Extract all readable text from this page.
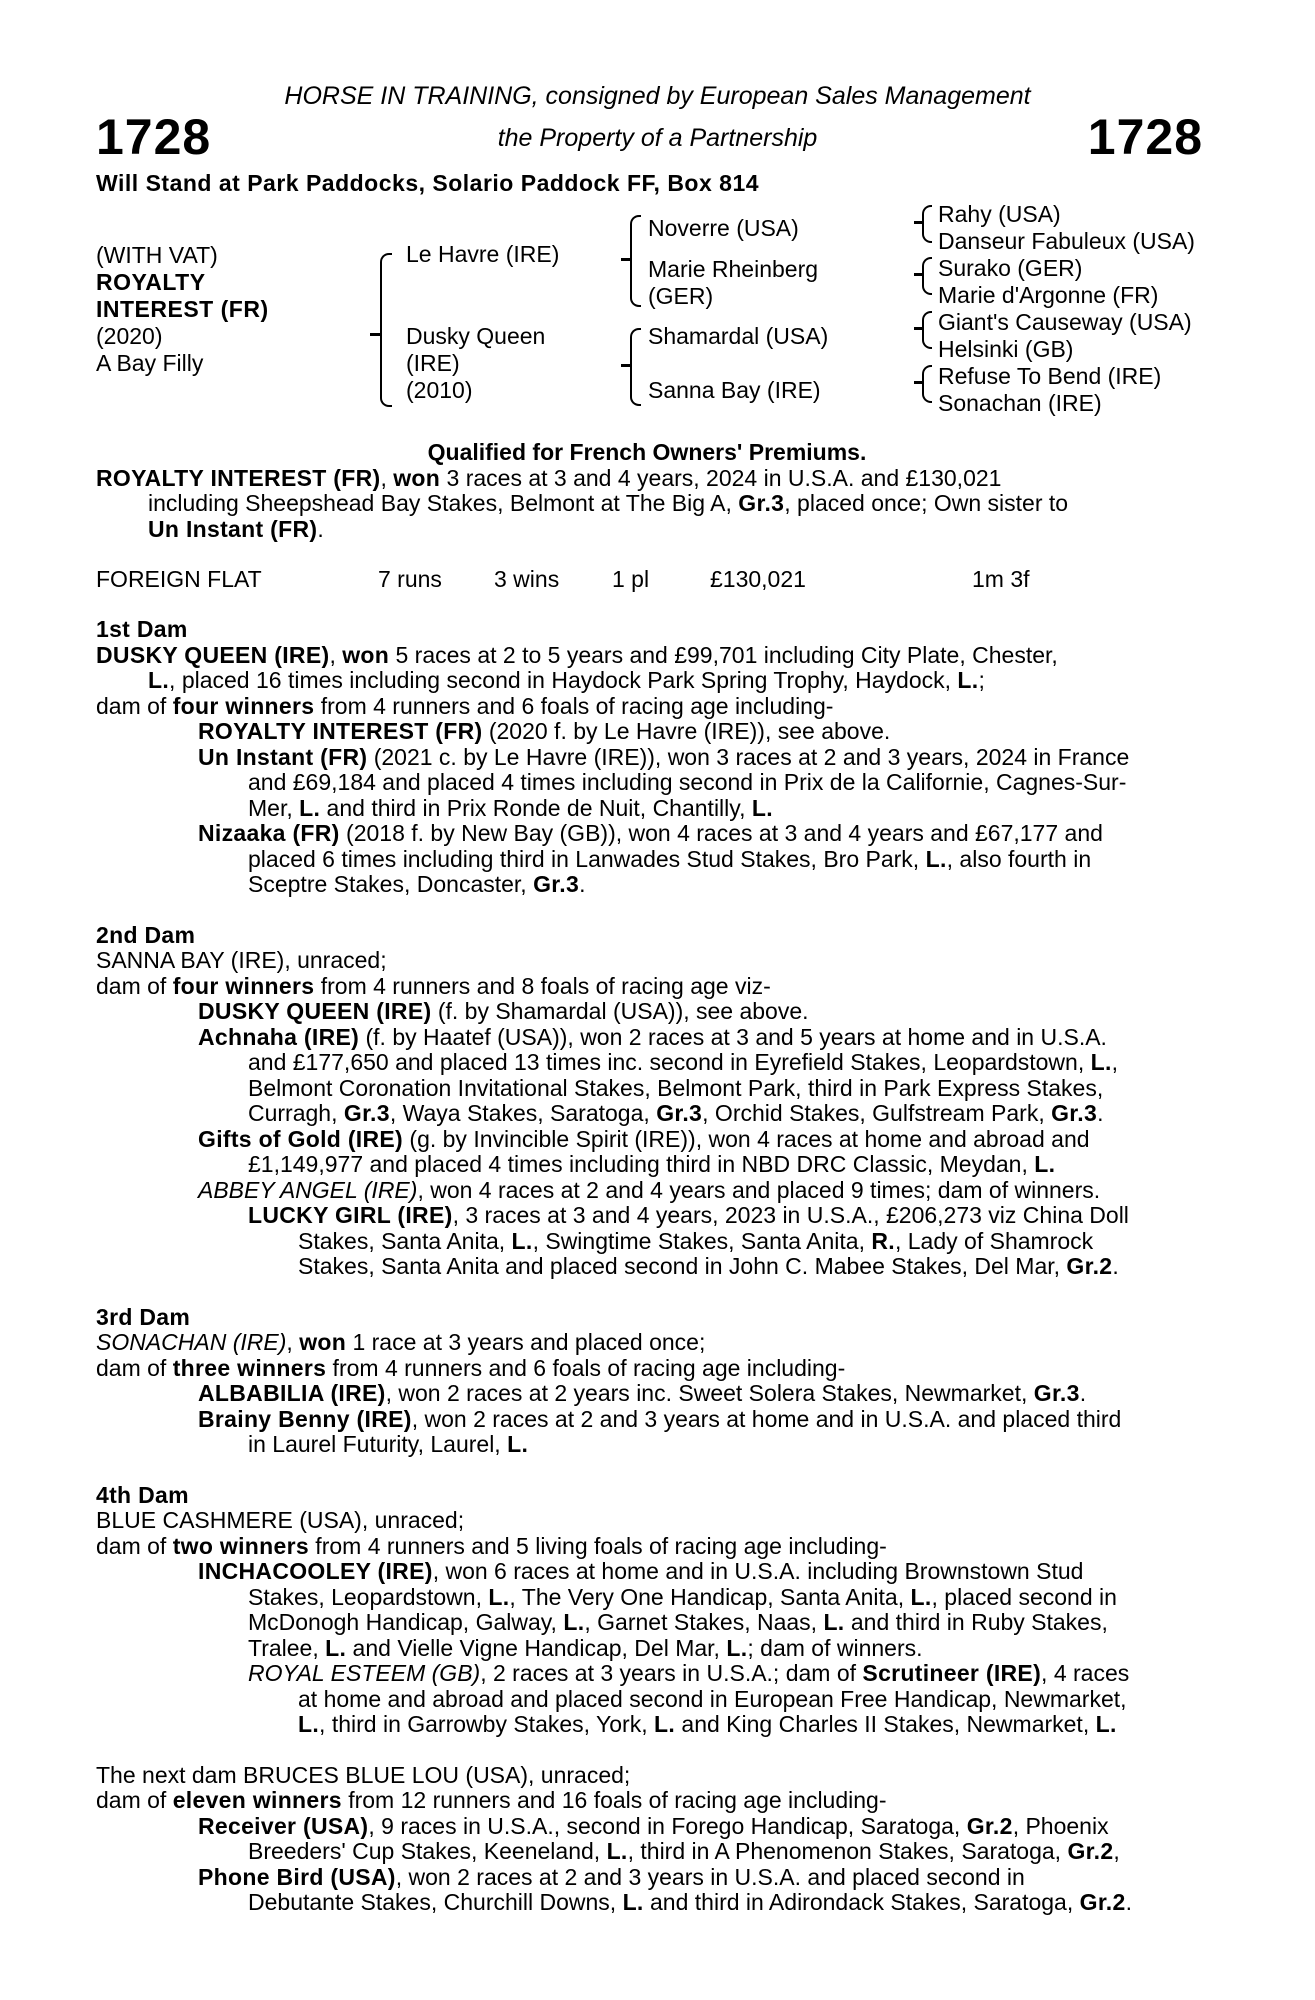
1728	1728
HORSE IN TRAINING, consigned by European Sales Management
the Property of a Partnership
Will Stand at Park Paddocks, Solario Paddock FF, Box 814
(WITH VAT)
ROYALTY
INTEREST (FR)
(2020)
A Bay Filly
Le Havre (IRE)
Dusky Queen
(IRE)
(2010)
Noverre (USA)
Marie Rheinberg
(GER)
Shamardal (USA)
Sanna Bay (IRE)
Rahy (USA)
Danseur Fabuleux (USA)
Surako (GER)
Marie d'Argonne (FR)
Giant's Causeway (USA)
Helsinki (GB)
Refuse To Bend (IRE)
Sonachan (IRE)
Qualified for French Owners' Premiums.
ROYALTY INTEREST (FR), won 3 races at 3 and 4 years, 2024 in U.S.A. and £130,021
including Sheepshead Bay Stakes, Belmont at The Big A, Gr.3, placed once; Own sister to
Un Instant (FR).
FOREIGN FLAT	7 runs 3 wins 1 pl	£130,021	1m 3f
1st Dam
DUSKY QUEEN (IRE), won 5 races at 2 to 5 years and £99,701 including City Plate, Chester,
L., placed 16 times including second in Haydock Park Spring Trophy, Haydock, L.;
dam of four winners from 4 runners and 6 foals of racing age including-
ROYALTY INTEREST (FR) (2020 f. by Le Havre (IRE)), see above.
Un Instant (FR) (2021 c. by Le Havre (IRE)), won 3 races at 2 and 3 years, 2024 in France
and £69,184 and placed 4 times including second in Prix de la Californie, Cagnes-Sur-
Mer, L. and third in Prix Ronde de Nuit, Chantilly, L.
Nizaaka (FR) (2018 f. by New Bay (GB)), won 4 races at 3 and 4 years and £67,177 and
placed 6 times including third in Lanwades Stud Stakes, Bro Park, L., also fourth in
Sceptre Stakes, Doncaster, Gr.3.
2nd Dam
SANNA BAY (IRE), unraced;
dam of four winners from 4 runners and 8 foals of racing age viz-
DUSKY QUEEN (IRE) (f. by Shamardal (USA)), see above.
Achnaha (IRE) (f. by Haatef (USA)), won 2 races at 3 and 5 years at home and in U.S.A.
and £177,650 and placed 13 times inc. second in Eyrefield Stakes, Leopardstown, L.,
Belmont Coronation Invitational Stakes, Belmont Park, third in Park Express Stakes,
Curragh, Gr.3, Waya Stakes, Saratoga, Gr.3, Orchid Stakes, Gulfstream Park, Gr.3.
Gifts of Gold (IRE) (g. by Invincible Spirit (IRE)), won 4 races at home and abroad and
£1,149,977 and placed 4 times including third in NBD DRC Classic, Meydan, L.
ABBEY ANGEL (IRE), won 4 races at 2 and 4 years and placed 9 times; dam of winners.
LUCKY GIRL (IRE), 3 races at 3 and 4 years, 2023 in U.S.A., £206,273 viz China Doll
Stakes, Santa Anita, L., Swingtime Stakes, Santa Anita, R., Lady of Shamrock
Stakes, Santa Anita and placed second in John C. Mabee Stakes, Del Mar, Gr.2.
3rd Dam
SONACHAN (IRE), won 1 race at 3 years and placed once;
dam of three winners from 4 runners and 6 foals of racing age including-
ALBABILIA (IRE), won 2 races at 2 years inc. Sweet Solera Stakes, Newmarket, Gr.3.
Brainy Benny (IRE), won 2 races at 2 and 3 years at home and in U.S.A. and placed third
in Laurel Futurity, Laurel, L.
4th Dam
BLUE CASHMERE (USA), unraced;
dam of two winners from 4 runners and 5 living foals of racing age including-
INCHACOOLEY (IRE), won 6 races at home and in U.S.A. including Brownstown Stud
Stakes, Leopardstown, L., The Very One Handicap, Santa Anita, L., placed second in
McDonogh Handicap, Galway, L., Garnet Stakes, Naas, L. and third in Ruby Stakes,
Tralee, L. and Vielle Vigne Handicap, Del Mar, L.; dam of winners.
ROYAL ESTEEM (GB), 2 races at 3 years in U.S.A.; dam of Scrutineer (IRE), 4 races
at home and abroad and placed second in European Free Handicap, Newmarket,
L., third in Garrowby Stakes, York, L. and King Charles II Stakes, Newmarket, L.
The next dam BRUCES BLUE LOU (USA), unraced;
dam of eleven winners from 12 runners and 16 foals of racing age including-
Receiver (USA), 9 races in U.S.A., second in Forego Handicap, Saratoga, Gr.2, Phoenix
Breeders' Cup Stakes, Keeneland, L., third in A Phenomenon Stakes, Saratoga, Gr.2,
Phone Bird (USA), won 2 races at 2 and 3 years in U.S.A. and placed second in
Debutante Stakes, Churchill Downs, L. and third in Adirondack Stakes, Saratoga, Gr.2.
